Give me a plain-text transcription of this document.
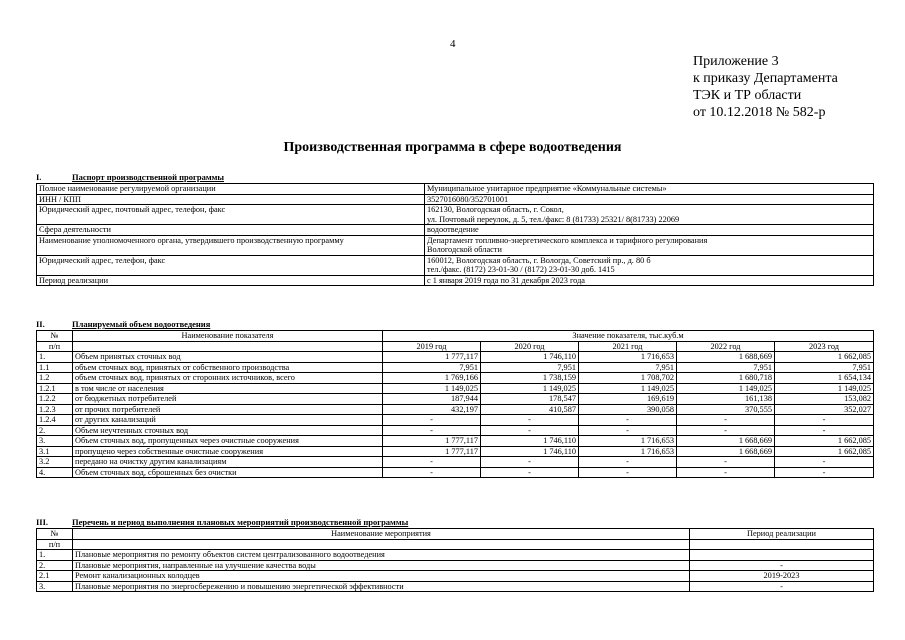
4
Приложение 3
к приказу Департамента
ТЭК и ТР области
от 10.12.2018 № 582-р
Производственная программа в сфере водоотведения
I.	Паспорт производственной программы
Полное наименование регулируемой организации	Муниципальное унитарное предприятие «Коммунальные системы»
ИНН / КПП	3527016080/352701001
Юридический адрес, почтовый адрес, телефон, факс	162130, Вологодская область, г. Сокол,
ул. Почтовый переулок, д. 5, тел./факс: 8 (81733) 25321/ 8(81733) 22069

Сфера деятельности	водоотведение
Наименование уполномоченного органа, утвердившего производственную программу	Департамент топливно-энергетического комплекса и тарифного регулирования
Вологодской области

Юридический адрес, телефон, факс	160012, Вологодская область, г. Вологда, Советский пр., д. 80 б
тел./факс. (8172) 23-01-30 / (8172) 23-01-30 доб. 1415

Период реализации	с 1 января 2019 года по 31 декабря 2023 года
II.	Планируемый объем водоотведения
№	Наименование показателя	Значение показателя, тыс.куб.м				
п/п		2019 год	2020 год	2021 год	2022 год	2023 год
1.	Объем принятых сточных вод	1 777,117	1 746,110	1 716,653	1 688,669	1 662,085
1.1	объем сточных вод, принятых от собственного производства	7,951	7,951	7,951	7,951	7,951
1.2	объем сточных вод, принятых от сторонних источников, всего	1 769,166	1 738,159	1 708,702	1 680,718	1 654,134
1.2.1	в том числе от населения	1 149,025	1 149,025	1 149,025	1 149,025	1 149,025
1.2.2	от бюджетных потребителей	187,944	178,547	169,619	161,138	153,082
1.2.3	от прочих потребителей	432,197	410,587	390,058	370,555	352,027
1.2.4	от других канализаций	-	-	-	-	-
2.	Объем неучтенных сточных вод	-	-	-	-	-
3.	Объем сточных вод, пропущенных через очистные сооружения	1 777,117	1 746,110	1 716,653	1 668,669	1 662,085
3.1	пропущено через собственные очистные сооружения	1 777,117	1 746,110	1 716,653	1 668,669	1 662,085
3.2	передано на очистку другим канализациям	-	-	-	-	-
4.	Объем сточных вод, сброшенных без очистки	-	-	-	-	-
III.	Перечень и период выполнения плановых мероприятий производственной программы
№	Наименование мероприятия	Период реализации
п/п		
1.	Плановые мероприятия по ремонту объектов систем централизованного водоотведения	
2.	Плановые мероприятия, направленные на улучшение качества воды	-
2.1	Ремонт канализационных колодцев	2019-2023
3.	Плановые мероприятия по энергосбережению и повышению энергетической эффективности	-
